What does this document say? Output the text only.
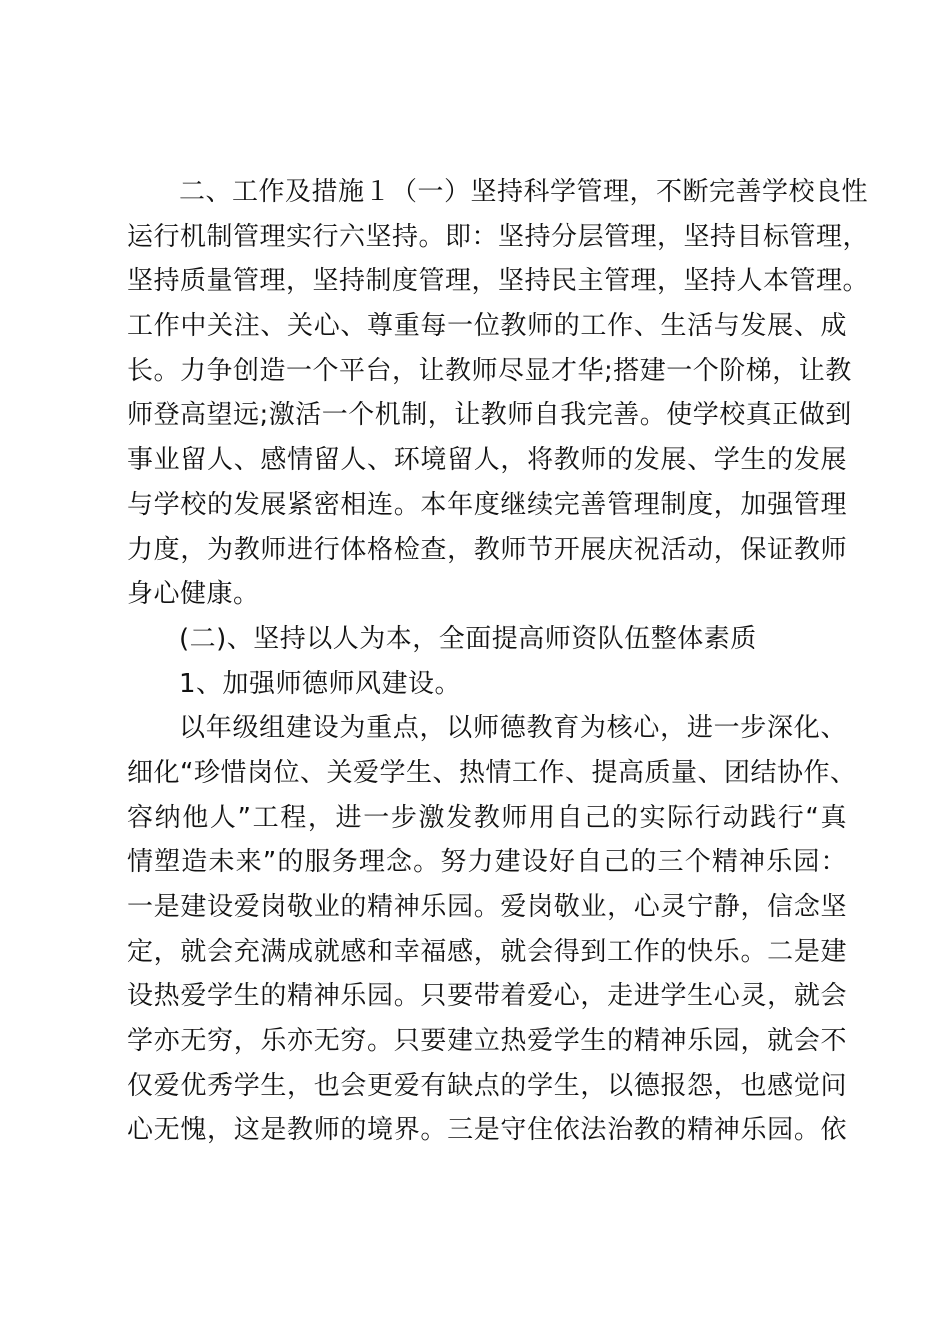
二、工作及措施１（一）坚持科学管理，不断完善学校良性
运行机制管理实行六坚持。即：坚持分层管理，坚持目标管理，
坚持质量管理，坚持制度管理，坚持民主管理，坚持人本管理。
工作中关注、关心、尊重每一位教师的工作、生活与发展、成
长。力争创造一个平台，让教师尽显才华;搭建一个阶梯，让教
师登高望远;激活一个机制，让教师自我完善。使学校真正做到
事业留人、感情留人、环境留人，将教师的发展、学生的发展
与学校的发展紧密相连。本年度继续完善管理制度，加强管理
力度，为教师进行体格检查，教师节开展庆祝活动，保证教师
身心健康。
(二)、坚持以人为本，全面提高师资队伍整体素质
1、加强师德师风建设。
以年级组建设为重点，以师德教育为核心，进一步深化、
细化“珍惜岗位、关爱学生、热情工作、提高质量、团结协作、
容纳他人”工程，进一步激发教师用自己的实际行动践行“真
情塑造未来”的服务理念。努力建设好自己的三个精神乐园：
一是建设爱岗敬业的精神乐园。爱岗敬业，心灵宁静，信念坚
定，就会充满成就感和幸福感，就会得到工作的快乐。二是建
设热爱学生的精神乐园。只要带着爱心，走进学生心灵，就会
学亦无穷，乐亦无穷。只要建立热爱学生的精神乐园，就会不
仅爱优秀学生，也会更爱有缺点的学生，以德报怨，也感觉问
心无愧，这是教师的境界。三是守住依法治教的精神乐园。依
